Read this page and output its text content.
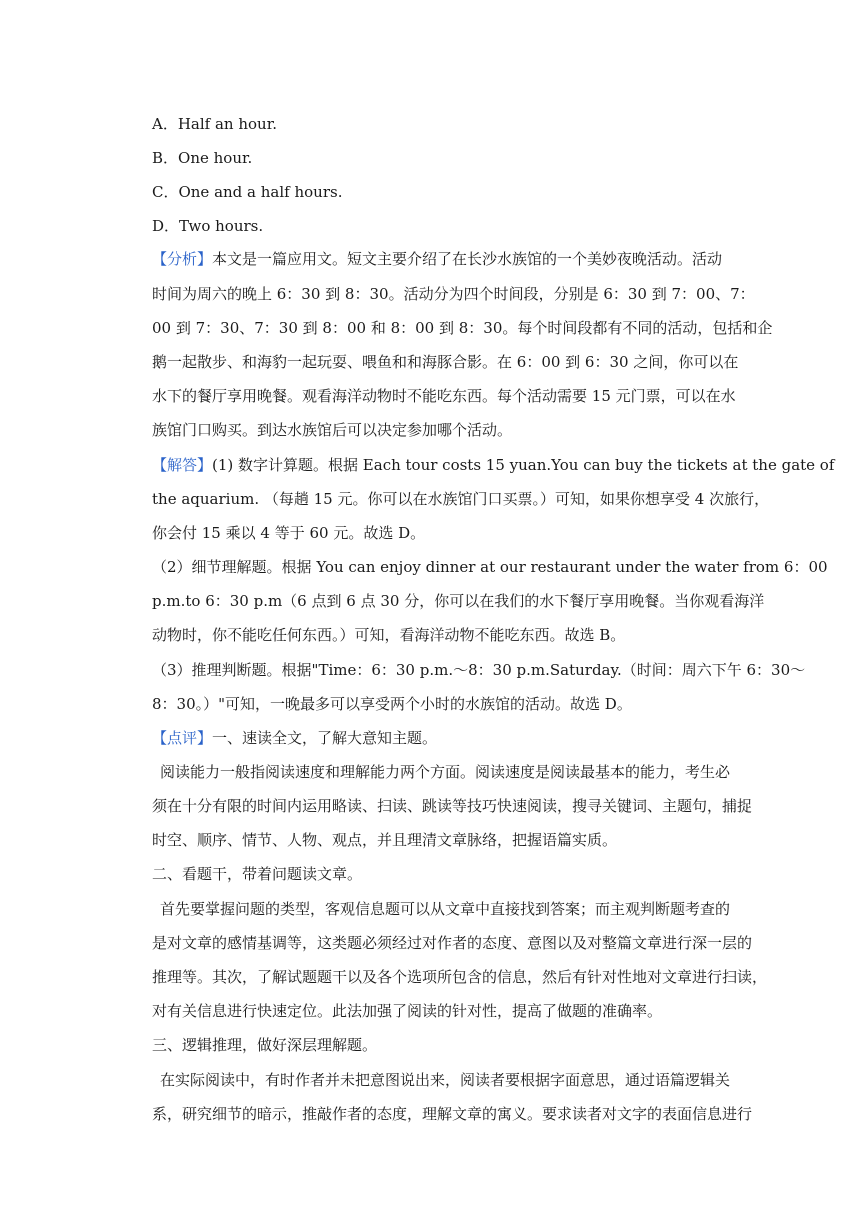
A．Half an hour.
B．One hour.
C．One and a half hours.
D．Two hours.
【分析】本文是一篇应用文。短文主要介绍了在长沙水族馆的一个美妙夜晚活动。活动
时间为周六的晚上 6：30 到 8：30。活动分为四个时间段，分别是 6：30 到 7：00、7：
00 到 7：30、7：30 到 8：00 和 8：00 到 8：30。每个时间段都有不同的活动，包括和企
鹅一起散步、和海豹一起玩耍、喂鱼和和海豚合影。在 6：00 到 6：30 之间，你可以在
水下的餐厅享用晚餐。观看海洋动物时不能吃东西。每个活动需要 15 元门票，可以在水
族馆门口购买。到达水族馆后可以决定参加哪个活动。
【解答】(1) 数字计算题。根据 Each tour costs 15 yuan.You can buy the tickets at the gate of
the aquarium. （每趟 15 元。你可以在水族馆门口买票。）可知，如果你想享受 4 次旅行，
你会付 15 乘以 4 等于 60 元。故选 D。
（2）细节理解题。根据 You can enjoy dinner at our restaurant under the water from 6：00
p.m.to 6：30 p.m（6 点到 6 点 30 分，你可以在我们的水下餐厅享用晚餐。当你观看海洋
动物时，你不能吃任何东西。）可知，看海洋动物不能吃东西。故选 B。
（3）推理判断题。根据"Time：6：30 p.m.～8：30 p.m.Saturday.（时间：周六下午 6：30～
8：30。）"可知，一晚最多可以享受两个小时的水族馆的活动。故选 D。
【点评】一、速读全文，了解大意知主题。
阅读能力一般指阅读速度和理解能力两个方面。阅读速度是阅读最基本的能力，考生必
须在十分有限的时间内运用略读、扫读、跳读等技巧快速阅读，搜寻关键词、主题句，捕捉
时空、顺序、情节、人物、观点，并且理清文章脉络，把握语篇实质。
二、看题干，带着问题读文章。
首先要掌握问题的类型，客观信息题可以从文章中直接找到答案；而主观判断题考查的
是对文章的感情基调等，这类题必须经过对作者的态度、意图以及对整篇文章进行深一层的
推理等。其次，了解试题题干以及各个选项所包含的信息，然后有针对性地对文章进行扫读，
对有关信息进行快速定位。此法加强了阅读的针对性，提高了做题的准确率。
三、逻辑推理，做好深层理解题。
在实际阅读中，有时作者并未把意图说出来，阅读者要根据字面意思，通过语篇逻辑关
系，研究细节的暗示，推敲作者的态度，理解文章的寓义。要求读者对文字的表面信息进行
